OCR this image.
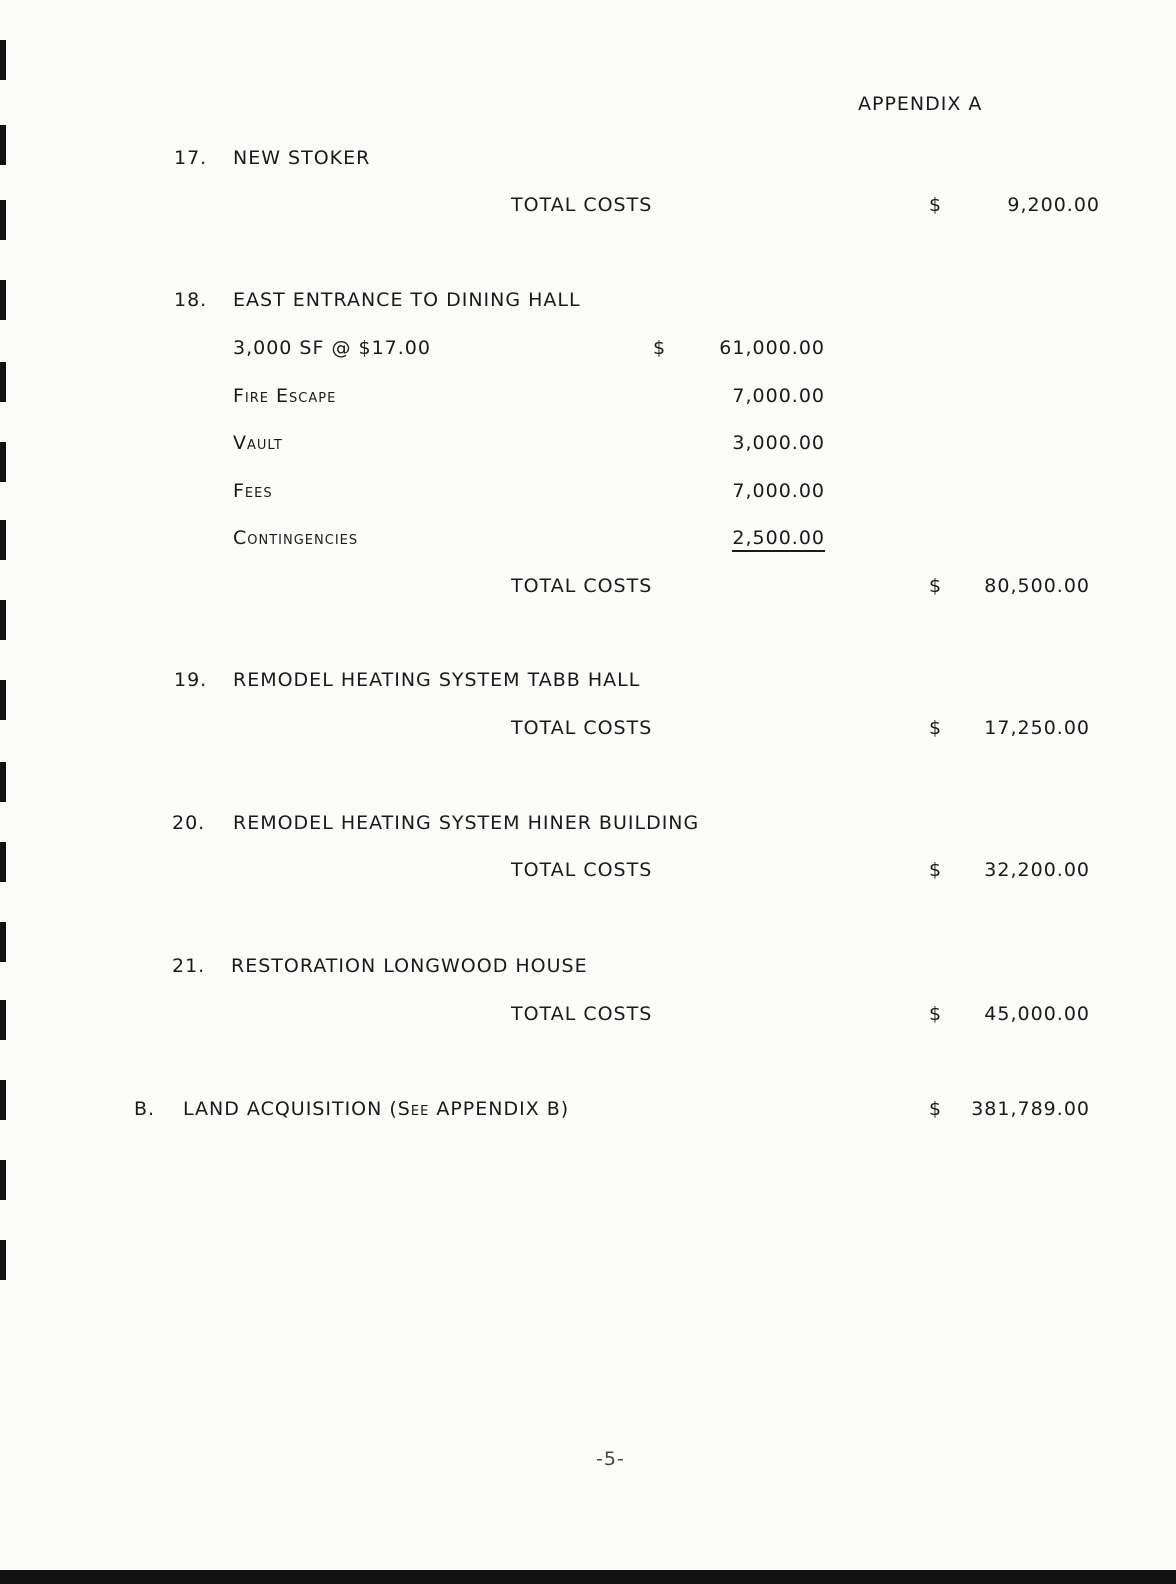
APPENDIX A
17. NEW STOKER
TOTAL COSTS	$	9,200.00
18. EAST ENTRANCE TO DINING HALL
3,000 SF @ $17.00	$	61,000.00
Fire Escape	7,000.00
Vault	3,000.00
Fees	7,000.00
Contingencies	2,500.00
TOTAL COSTS	$	80,500.00
19. REMODEL HEATING SYSTEM TABB HALL
TOTAL COSTS	$	17,250.00
20. REMODEL HEATING SYSTEM HINER BUILDING
TOTAL COSTS	$	32,200.00
21. RESTORATION LONGWOOD HOUSE
TOTAL COSTS	$	45,000.00
B. LAND ACQUISITION (See APPENDIX B)	$	381,789.00
-5-
